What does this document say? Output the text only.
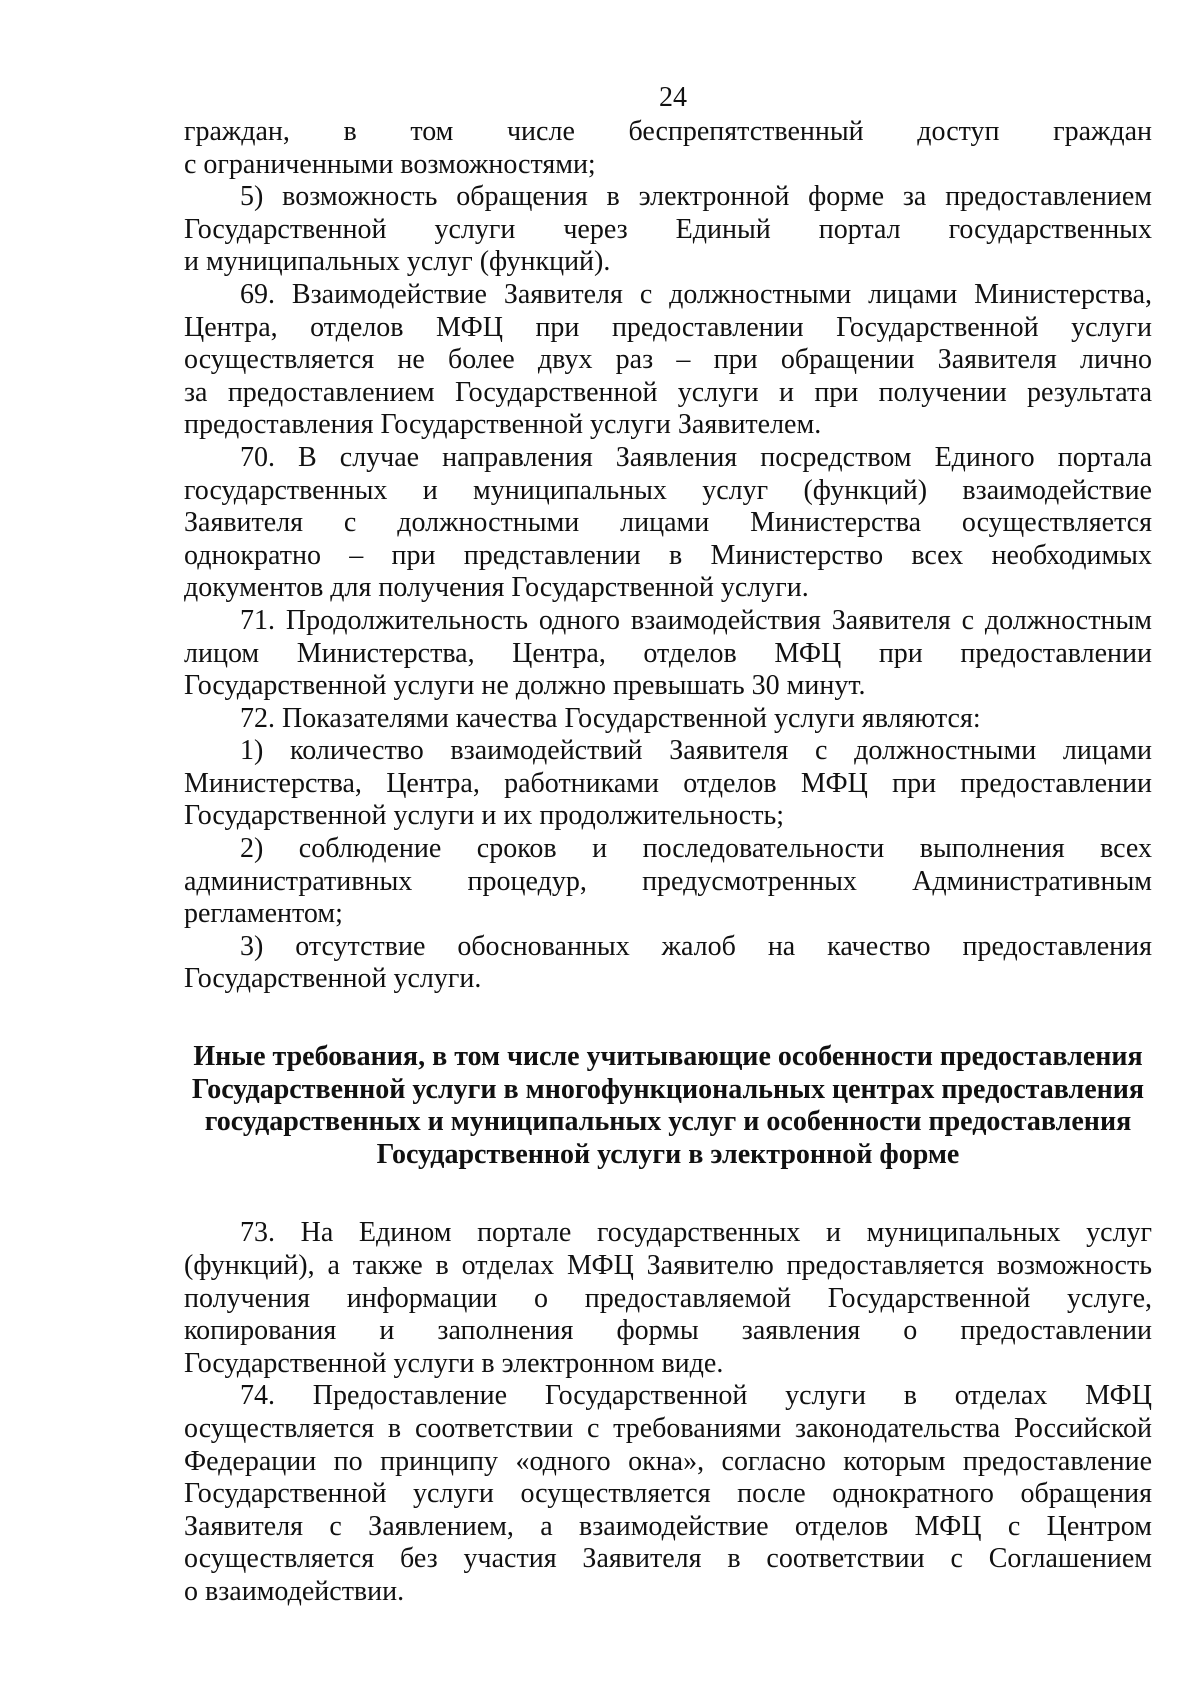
24
граждан, в том числе беспрепятственный доступ граждан
с ограниченными возможностями;
5) возможность обращения в электронной форме за предоставлением
Государственной услуги через Единый портал государственных
и муниципальных услуг (функций).
69. Взаимодействие Заявителя с должностными лицами Министерства,
Центра, отделов МФЦ при предоставлении Государственной услуги
осуществляется не более двух раз – при обращении Заявителя лично
за предоставлением Государственной услуги и при получении результата
предоставления Государственной услуги Заявителем.
70. В случае направления Заявления посредством Единого портала
государственных и муниципальных услуг (функций) взаимодействие
Заявителя с должностными лицами Министерства осуществляется
однократно – при представлении в Министерство всех необходимых
документов для получения Государственной услуги.
71. Продолжительность одного взаимодействия Заявителя с должностным
лицом Министерства, Центра, отделов МФЦ при предоставлении
Государственной услуги не должно превышать 30 минут.
72. Показателями качества Государственной услуги являются:
1) количество взаимодействий Заявителя с должностными лицами
Министерства, Центра, работниками отделов МФЦ при предоставлении
Государственной услуги и их продолжительность;
2) соблюдение сроков и последовательности выполнения всех
административных процедур, предусмотренных Административным
регламентом;
3) отсутствие обоснованных жалоб на качество предоставления
Государственной услуги.
Иные требования, в том числе учитывающие особенности предоставления
Государственной услуги в многофункциональных центрах предоставления
государственных и муниципальных услуг и особенности предоставления
Государственной услуги в электронной форме
73. На Едином портале государственных и муниципальных услуг
(функций), а также в отделах МФЦ Заявителю предоставляется возможность
получения информации о предоставляемой Государственной услуге,
копирования и заполнения формы заявления о предоставлении
Государственной услуги в электронном виде.
74. Предоставление Государственной услуги в отделах МФЦ
осуществляется в соответствии с требованиями законодательства Российской
Федерации по принципу «одного окна», согласно которым предоставление
Государственной услуги осуществляется после однократного обращения
Заявителя с Заявлением, а взаимодействие отделов МФЦ с Центром
осуществляется без участия Заявителя в соответствии с Соглашением
о взаимодействии.
